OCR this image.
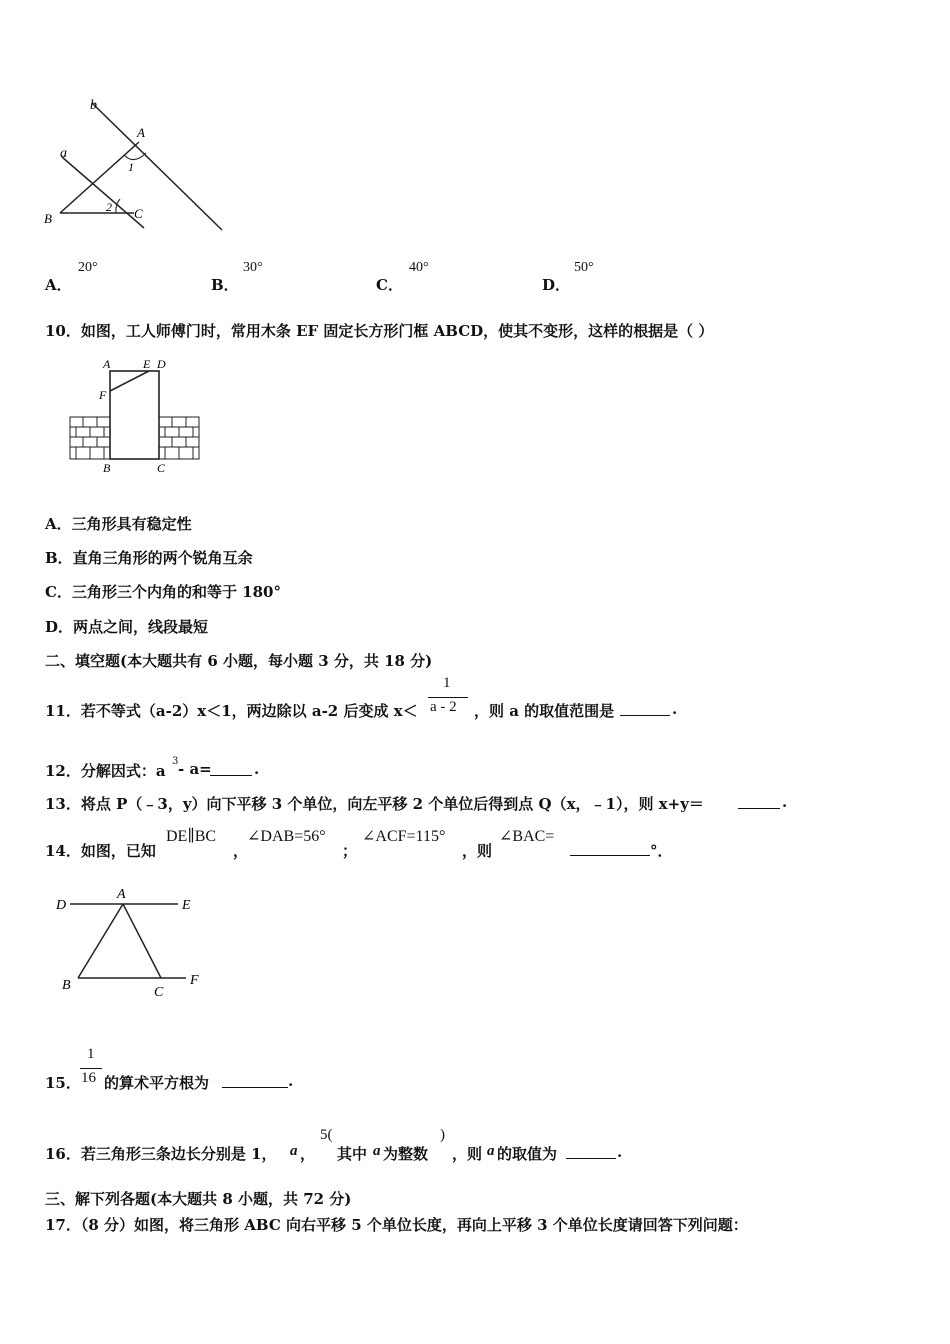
b
a
A
B	C
1
2
A．
20°
B．
30°
C．
40°
D．
50°
10．如图，工人师傅门时，常用木条 EF 固定长方形门框 ABCD，使其不变形，这样的根据是（ ）
A	E D
F
B	C
A．三角形具有稳定性
B．直角三角形的两个锐角互余
C．三角形三个内角的和等于 180°
D．两点之间，线段最短
二、填空题(本大题共有 6 小题，每小题 3 分，共 18 分)
11．若不等式（a-2）x＜1，两边除以 a-2 后变成 x＜
1
a - 2 ，则 a 的取值范围是	.
12．分解因式：a
3 - a=	.
13．将点 P（﹣3，y）向下平移 3 个单位，向左平移 2 个单位后得到点 Q（x，﹣1），则 x+y＝	.
14．如图，已知
DE∥BC
，
∠DAB=56°
；
∠ACF=115°
，则
∠BAC=
°．
D
A
E
B	C
F
15．
1
16 的算术平方根为	.
16．若三角形三条边长分别是 1， a ，
5(
其中 a 为整数
)
，则 a 的取值为	.
三、解下列各题(本大题共 8 小题，共 72 分)
17．（8 分）如图，将三角形 ABC 向右平移 5 个单位长度，再向上平移 3 个单位长度请回答下列问题：
